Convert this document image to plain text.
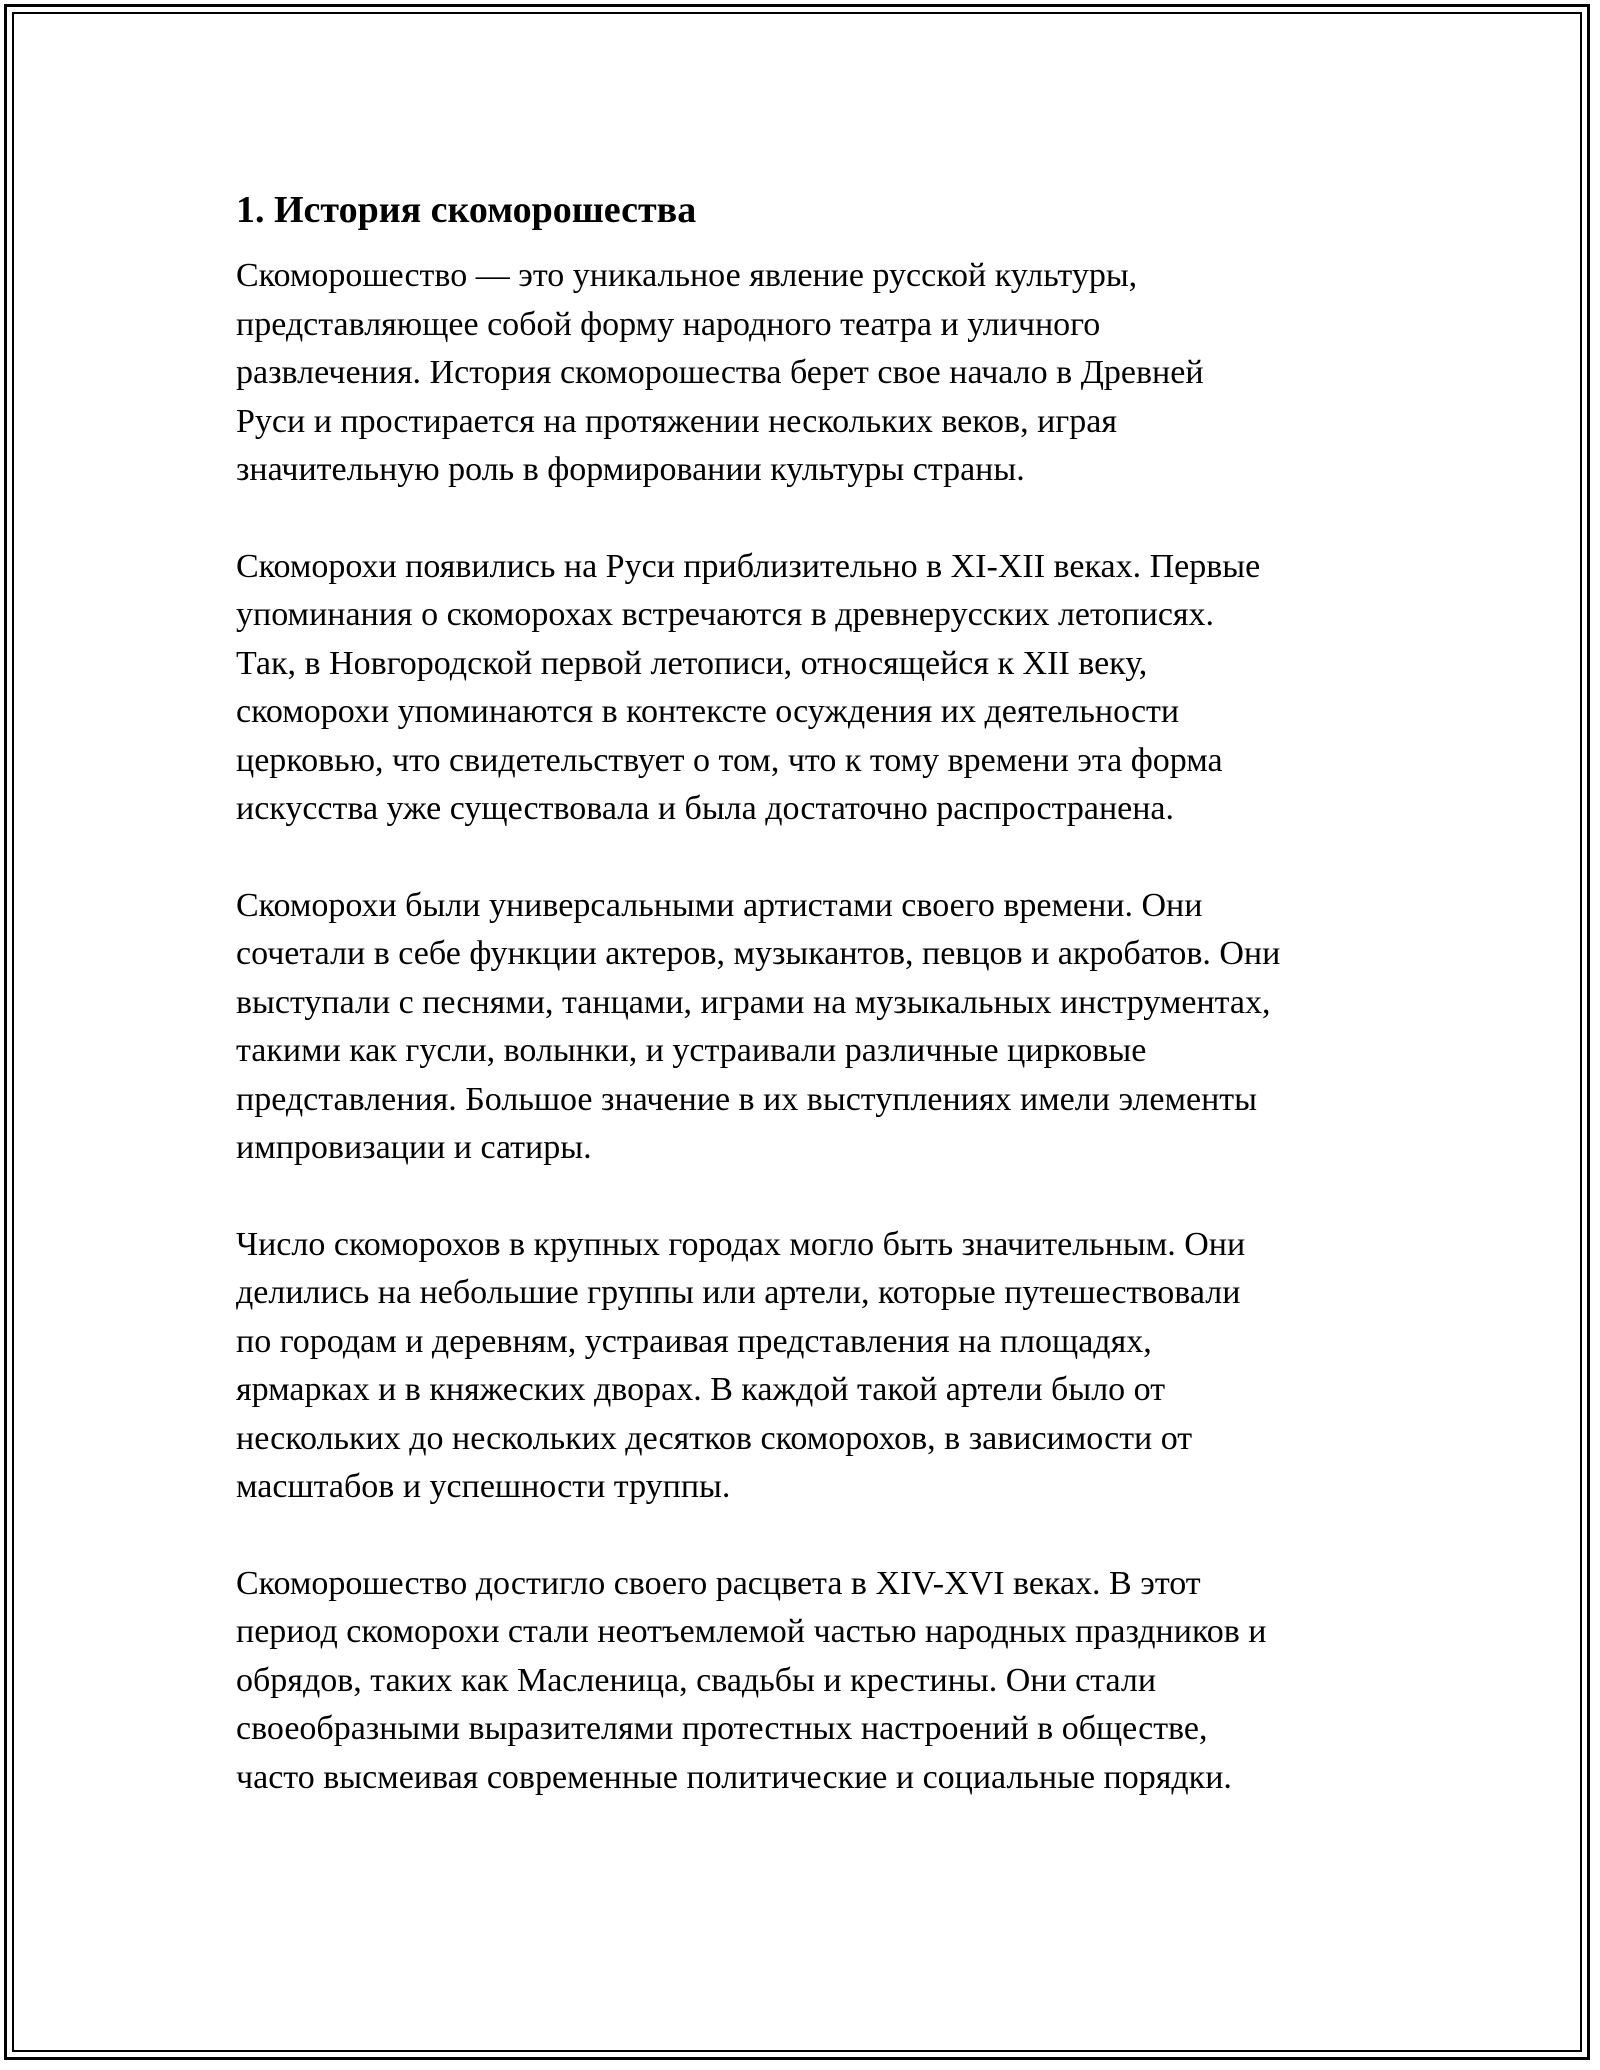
1. История скоморошества
Скоморошество — это уникальное явление русской культуры,
представляющее собой форму народного театра и уличного
развлечения. История скоморошества берет свое начало в Древней
Руси и простирается на протяжении нескольких веков, играя
значительную роль в формировании культуры страны.
Скоморохи появились на Руси приблизительно в XI-XII веках. Первые
упоминания о скоморохах встречаются в древнерусских летописях.
Так, в Новгородской первой летописи, относящейся к XII веку,
скоморохи упоминаются в контексте осуждения их деятельности
церковью, что свидетельствует о том, что к тому времени эта форма
искусства уже существовала и была достаточно распространена.
Скоморохи были универсальными артистами своего времени. Они
сочетали в себе функции актеров, музыкантов, певцов и акробатов. Они
выступали с песнями, танцами, играми на музыкальных инструментах,
такими как гусли, волынки, и устраивали различные цирковые
представления. Большое значение в их выступлениях имели элементы
импровизации и сатиры.
Число скоморохов в крупных городах могло быть значительным. Они
делились на небольшие группы или артели, которые путешествовали
по городам и деревням, устраивая представления на площадях,
ярмарках и в княжеских дворах. В каждой такой артели было от
нескольких до нескольких десятков скоморохов, в зависимости от
масштабов и успешности труппы.
Скоморошество достигло своего расцвета в XIV-XVI веках. В этот
период скоморохи стали неотъемлемой частью народных праздников и
обрядов, таких как Масленица, свадьбы и крестины. Они стали
своеобразными выразителями протестных настроений в обществе,
часто высмеивая современные политические и социальные порядки.
